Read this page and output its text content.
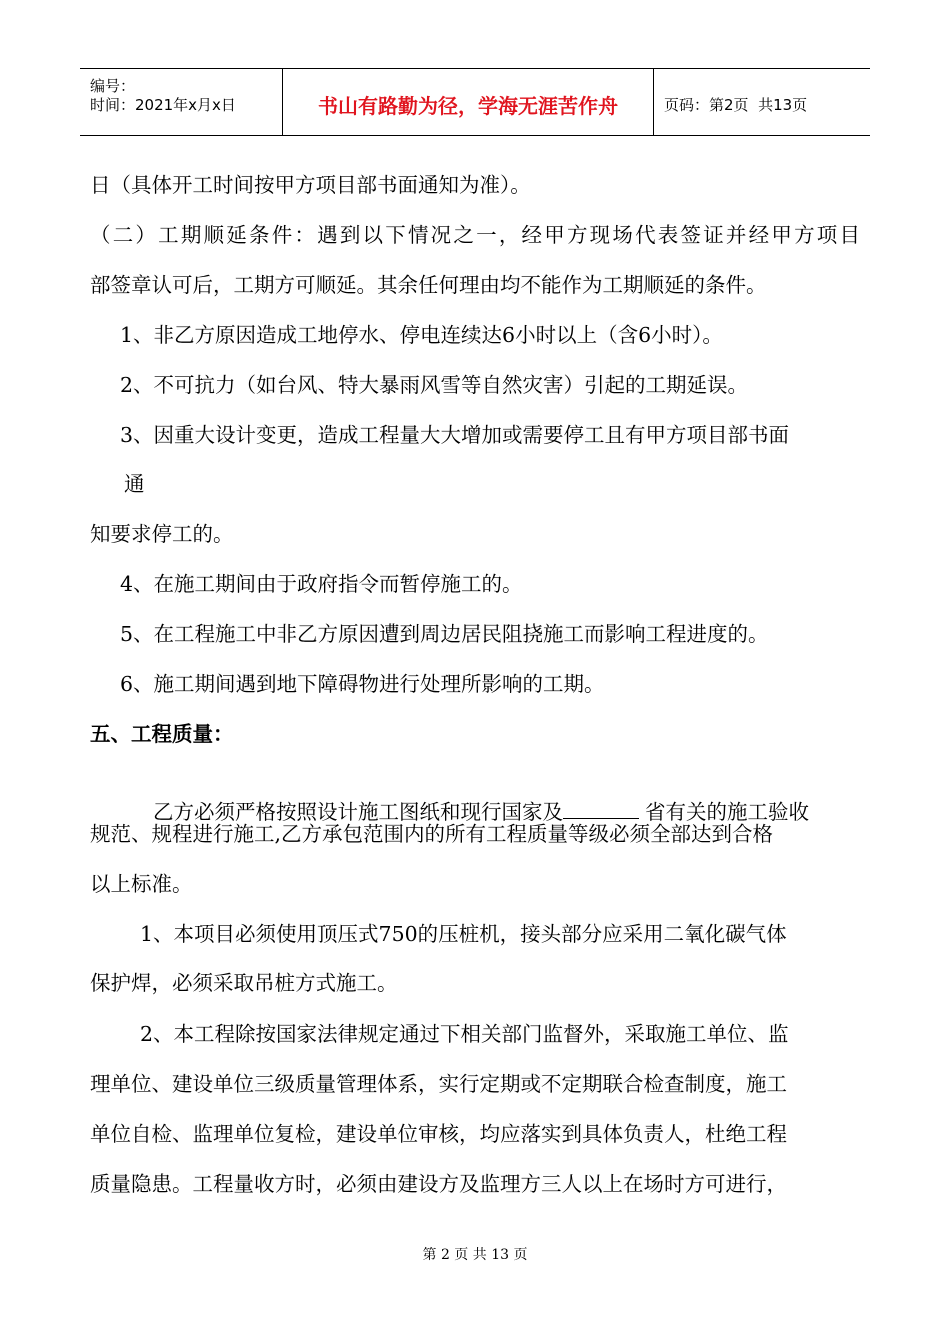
编号：
时间：2021年x月x日	书山有路勤为径，学海无涯苦作舟	页码：第2页  共13页
日（具体开工时间按甲方项目部书面通知为准）。
（二）工期顺延条件：遇到以下情况之一，经甲方现场代表签证并经甲方项目
部签章认可后，工期方可顺延。其余任何理由均不能作为工期顺延的条件。
1、非乙方原因造成工地停水、停电连续达6小时以上（含6小时）。
2、不可抗力（如台风、特大暴雨风雪等自然灾害）引起的工期延误。
3、因重大设计变更，造成工程量大大增加或需要停工且有甲方项目部书面
通
知要求停工的。
4、在施工期间由于政府指令而暂停施工的。
5、在工程施工中非乙方原因遭到周边居民阻挠施工而影响工程进度的。
6、施工期间遇到地下障碍物进行处理所影响的工期。
五、工程质量：

乙方必须严格按照设计施工图纸和现行国家及	省有关的施工验收

规范、规程进行施工,乙方承包范围内的所有工程质量等级必须全部达到合格
以上标准。
1、本项目必须使用顶压式750的压桩机，接头部分应采用二氧化碳气体
保护焊，必须采取吊桩方式施工。
2、本工程除按国家法律规定通过下相关部门监督外，采取施工单位、监
理单位、建设单位三级质量管理体系，实行定期或不定期联合检查制度，施工
单位自检、监理单位复检，建设单位审核，均应落实到具体负责人，杜绝工程
质量隐患。工程量收方时，必须由建设方及监理方三人以上在场时方可进行，
第 2 页 共 13 页
